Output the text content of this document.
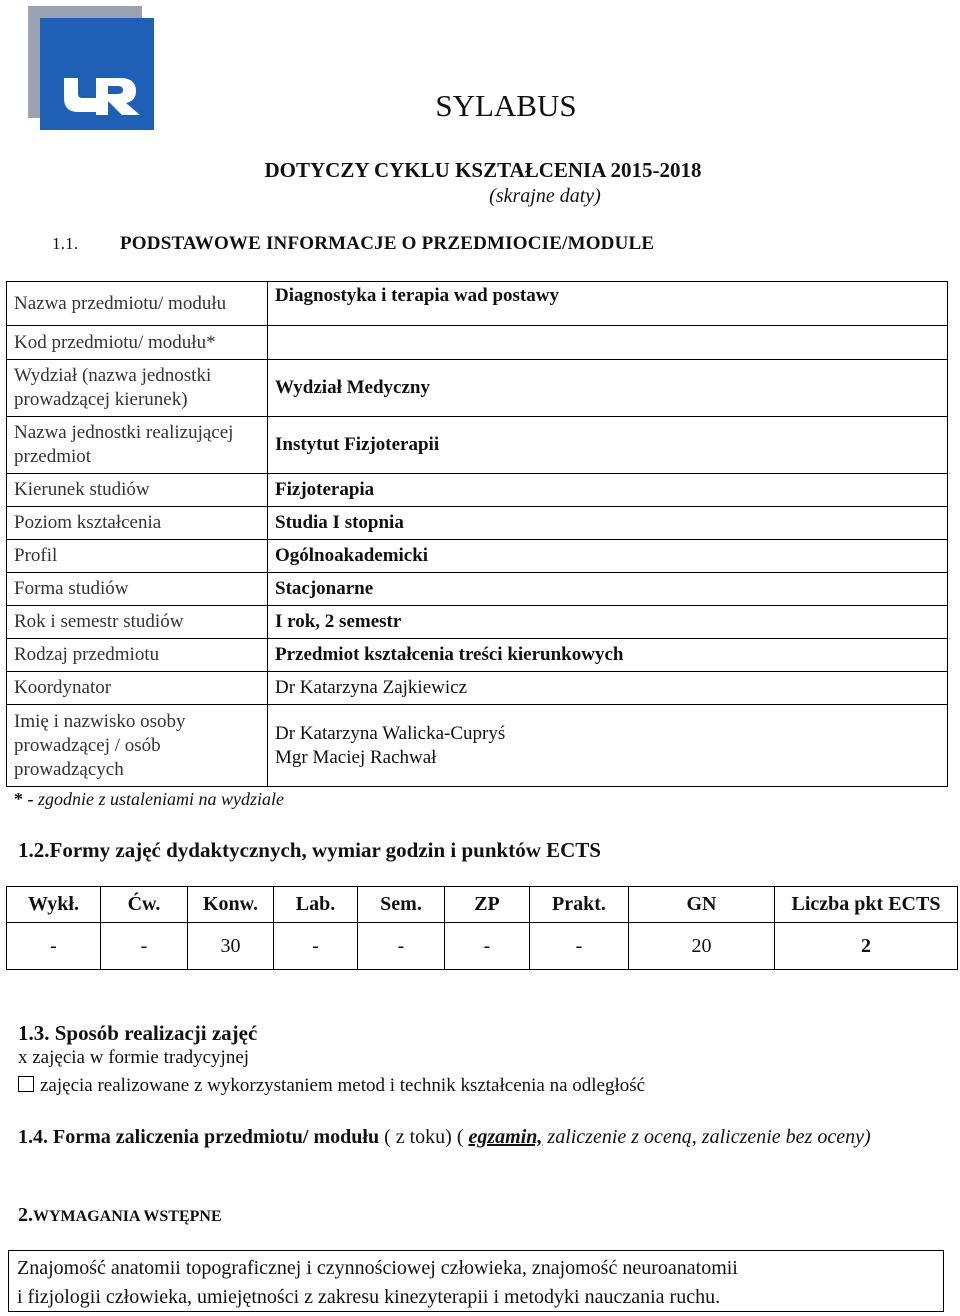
SYLABUS
DOTYCZY CYKLU KSZTAŁCENIA 2015-2018
(skrajne daty)
1.1. PODSTAWOWE INFORMACJE O PRZEDMIOCIE/MODULE
Nazwa przedmiotu/ modułu	Diagnostyka i terapia wad postawy
Kod przedmiotu/ modułu*	
Wydział (nazwa jednostki prowadzącej kierunek)	Wydział Medyczny
Nazwa jednostki realizującej przedmiot	Instytut Fizjoterapii
Kierunek studiów	Fizjoterapia
Poziom kształcenia	Studia I stopnia
Profil	Ogólnoakademicki
Forma studiów	Stacjonarne
Rok i semestr studiów	I rok, 2 semestr
Rodzaj przedmiotu	Przedmiot kształcenia treści kierunkowych
Koordynator	Dr Katarzyna Zajkiewicz
Imię i nazwisko osoby prowadzącej / osób prowadzących	Dr Katarzyna Walicka-Cupryś
Mgr Maciej Rachwał
* - zgodnie z ustaleniami na wydziale
1.2.Formy zajęć dydaktycznych, wymiar godzin i punktów ECTS
Wykł.	Ćw.	Konw.	Lab.	Sem.	ZP	Prakt.	GN	Liczba pkt ECTS
-	-	30	-	-	-	-	20	2
1.3. Sposób realizacji zajęć
x zajęcia w formie tradycyjnej
zajęcia realizowane z wykorzystaniem metod i technik kształcenia na odległość
1.4. Forma zaliczenia przedmiotu/ modułu ( z toku) ( egzamin, zaliczenie z oceną, zaliczenie bez oceny)
2.WYMAGANIA WSTĘPNE
Znajomość anatomii topograficznej i czynnościowej człowieka, znajomość neuroanatomii
i fizjologii człowieka, umiejętności z zakresu kinezyterapii i metodyki nauczania ruchu.
